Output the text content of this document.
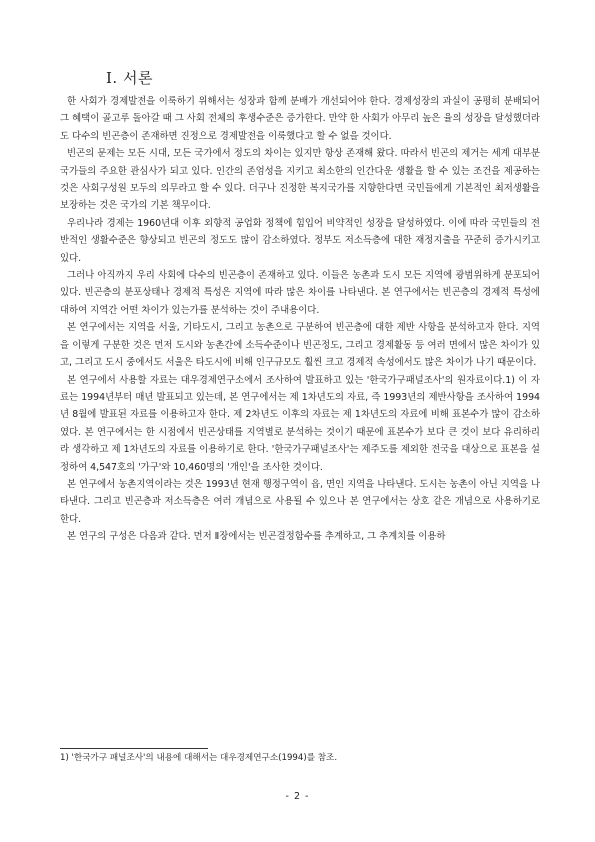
Ⅰ. 서론

한 사회가 경제발전을 이룩하기 위해서는 성장과 함께 분배가 개선되어야 한다. 경제성장의 과실이 공평히 분배되어 그 혜택이 골고루 돌아갈 때 그 사회 전체의 후생수준은 증가한다. 만약 한 사회가 아무리 높은 율의 성장을 달성했더라도 다수의 빈곤층이 존재하면 진정으로 경제발전을 이룩했다고 할 수 없을 것이다.

빈곤의 문제는 모든 시대, 모든 국가에서 정도의 차이는 있지만 항상 존재해 왔다. 따라서 빈곤의 제거는 세계 대부분 국가들의 주요한 관심사가 되고 있다. 인간의 존엄성을 지키고 최소한의 인간다운 생활을 할 수 있는 조건을 제공하는 것은 사회구성원 모두의 의무라고 할 수 있다. 더구나 진정한 복지국가를 지향한다면 국민들에게 기본적인 최저생활을 보장하는 것은 국가의 기본 책무이다.

우리나라 경제는 1960년대 이후 외향적 공업화 정책에 힘입어 비약적인 성장을 달성하였다. 이에 따라 국민들의 전반적인 생활수준은 향상되고 빈곤의 정도도 많이 감소하였다. 정부도 저소득층에 대한 재정지출을 꾸준히 증가시키고 있다.

그러나 아직까지 우리 사회에 다수의 빈곤층이 존재하고 있다. 이들은 농촌과 도시 모든 지역에 광범위하게 분포되어 있다. 빈곤층의 분포상태나 경제적 특성은 지역에 따라 많은 차이를 나타낸다. 본 연구에서는 빈곤층의 경제적 특성에 대하여 지역간 어떤 차이가 있는가를 분석하는 것이 주내용이다.

본 연구에서는 지역을 서울, 기타도시, 그리고 농촌으로 구분하여 빈곤층에 대한 제반 사항을 분석하고자 한다. 지역을 이렇게 구분한 것은 먼저 도시와 농촌간에 소득수준이나 빈곤정도, 그리고 경제활동 등 여러 면에서 많은 차이가 있고, 그리고 도시 중에서도 서울은 타도시에 비해 인구규모도 훨씬 크고 경제적 속성에서도 많은 차이가 나기 때문이다.

본 연구에서 사용할 자료는 대우경제연구소에서 조사하여 발표하고 있는 '한국가구패널조사'의 원자료이다.1) 이 자료는 1994년부터 매년 발표되고 있는데, 본 연구에서는 제 1차년도의 자료, 즉 1993년의 제반사항을 조사하여 1994년 8월에 발표된 자료를 이용하고자 한다. 제 2차년도 이후의 자료는 제 1차년도의 자료에 비해 표본수가 많이 감소하였다. 본 연구에서는 한 시점에서 빈곤상태를 지역별로 분석하는 것이기 때문에 표본수가 보다 큰 것이 보다 유리하리라 생각하고 제 1차년도의 자료를 이용하기로 한다. '한국가구패널조사'는 제주도를 제외한 전국을 대상으로 표본을 설정하여 4,547호의 '가구'와 10,460명의 '개인'을 조사한 것이다.

본 연구에서 농촌지역이라는 것은 1993년 현재 행정구역이 읍, 면인 지역을 나타낸다. 도시는 농촌이 아닌 지역을 나타낸다. 그리고 빈곤층과 저소득층은 여러 개념으로 사용될 수 있으나 본 연구에서는 상호 같은 개념으로 사용하기로 한다.

본 연구의 구성은 다음과 같다. 먼저 Ⅱ장에서는 빈곤결정함수를 추계하고, 그 추계치를 이용하

1) '한국가구 패널조사'의 내용에 대해서는 대우경제연구소(1994)를 참조.
- 2 -
